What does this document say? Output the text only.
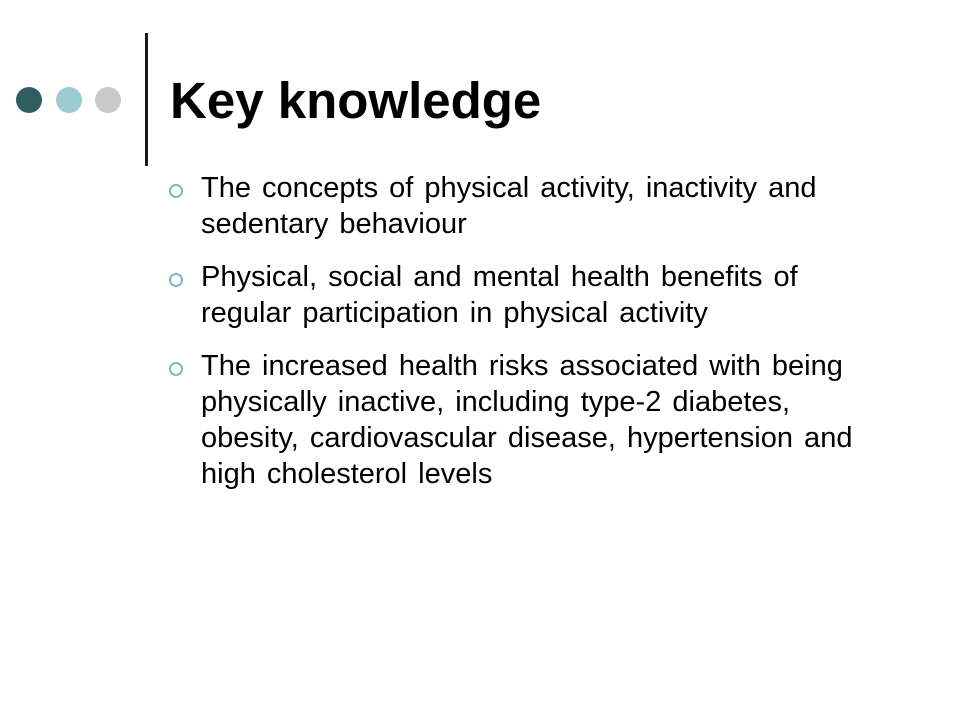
Key knowledge
The concepts of physical activity, inactivity and sedentary behaviour
Physical, social and mental health benefits of regular participation in physical activity
The increased health risks associated with being physically inactive, including type-2 diabetes, obesity, cardiovascular disease, hypertension and high cholesterol levels
